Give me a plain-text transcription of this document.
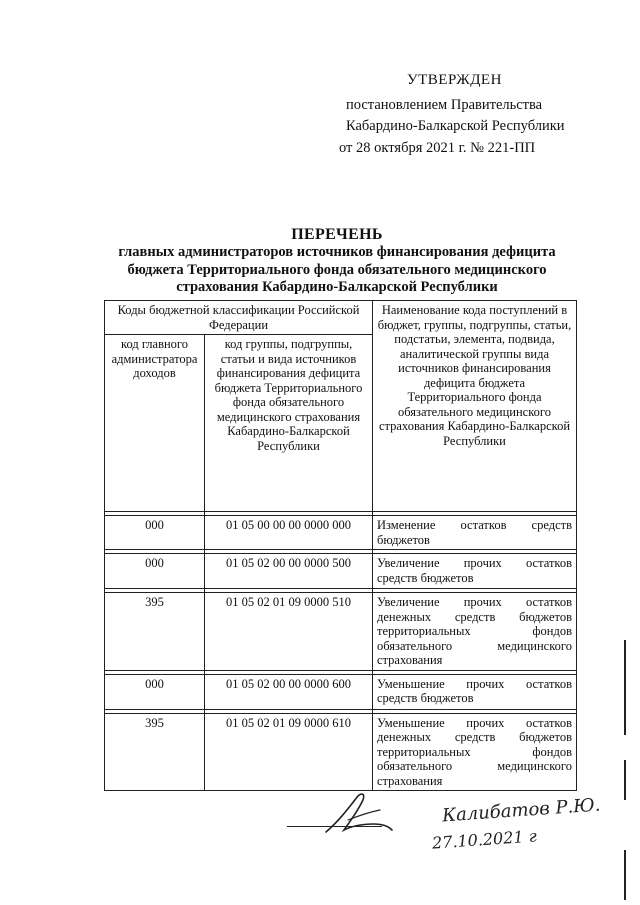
УТВЕРЖДЕН
постановлением Правительства
Кабардино-Балкарской Республики
от 28 октября 2021 г. № 221-ПП
ПЕРЕЧЕНЬ
главных администраторов источников финансирования дефицита
бюджета Территориального фонда обязательного медицинского
страхования Кабардино-Балкарской Республики
Коды бюджетной классификации Российской Федерации		Наименование кода поступлений в бюджет, группы, подгруппы, статьи, подстатьи, элемента, подвида, аналитической группы вида источников финансирования дефицита бюджета Территориального фонда обязательного медицинского страхования Кабардино-Балкарской Республики
код главного администратора доходов	код группы, подгруппы, статьи и вида источников финансирования дефицита бюджета Территориального фонда обязательного медицинского страхования Кабардино-Балкарской Республики	

000	01 05 00 00 00 0000 000	Изменение остатков средств бюджетов

000	01 05 02 00 00 0000 500	Увеличение прочих остатков средств бюджетов

395	01 05 02 01 09 0000 510	Увеличение прочих остатков денежных средств бюджетов территориальных фондов обязательного медицинского страхования

000	01 05 02 00 00 0000 600	Уменьшение прочих остатков средств бюджетов

395	01 05 02 01 09 0000 610	Уменьшение прочих остатков денежных средств бюджетов территориальных фондов обязательного медицинского страхования
Калибатов Р.Ю.
27.10.2021 г
